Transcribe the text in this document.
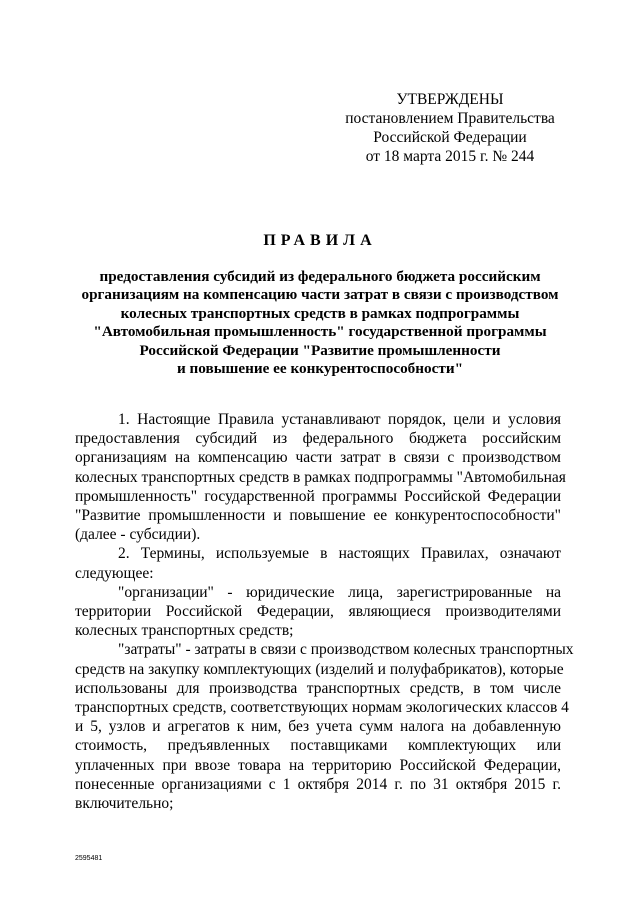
УТВЕРЖДЕНЫ
постановлением Правительства
Российской Федерации
от 18 марта 2015 г. № 244
ПРАВИЛА
предоставления субсидий из федерального бюджета российским
организациям на компенсацию части затрат в связи с производством
колесных транспортных средств в рамках подпрограммы
"Автомобильная промышленность" государственной программы
Российской Федерации "Развитие промышленности
и повышение ее конкурентоспособности"
1. Настоящие Правила устанавливают порядок, цели и условия
предоставления субсидий из федерального бюджета российским
организациям на компенсацию части затрат в связи с производством
колесных транспортных средств в рамках подпрограммы "Автомобильная
промышленность" государственной программы Российской Федерации
"Развитие промышленности и повышение ее конкурентоспособности"
(далее - субсидии).
2. Термины, используемые в настоящих Правилах, означают
следующее:
"организации" - юридические лица, зарегистрированные на
территории Российской Федерации, являющиеся производителями
колесных транспортных средств;
"затраты" - затраты в связи с производством колесных транспортных
средств на закупку комплектующих (изделий и полуфабрикатов), которые
использованы для производства транспортных средств, в том числе
транспортных средств, соответствующих нормам экологических классов 4
и 5, узлов и агрегатов к ним, без учета сумм налога на добавленную
стоимость, предъявленных поставщиками комплектующих или
уплаченных при ввозе товара на территорию Российской Федерации,
понесенные организациями с 1 октября 2014 г. по 31 октября 2015 г.
включительно;
2595481
